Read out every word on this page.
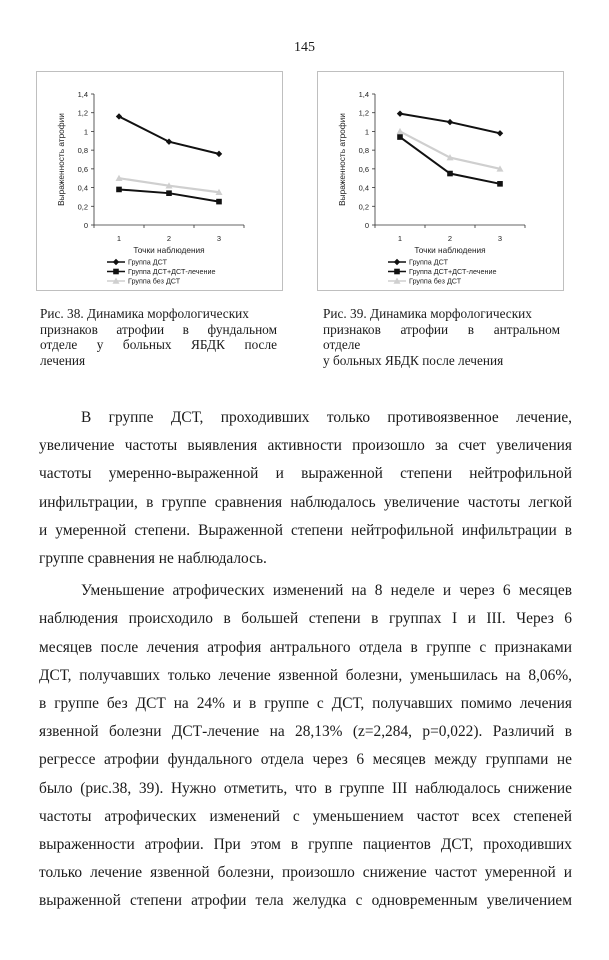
145
Выраженность атрофии
0
0,2
0,4
0,6
0,8
1
1,2
1,4
1	2	3
Точки наблюдения
Группа ДСТ
Группа ДСТ+ДСТ-лечение
Группа без ДСТ
Выраженность атрофии
0
0,2
0,4
0,6
0,8
1
1,2
1,4
1	2	3
Точки наблюдения
Группа ДСТ
Группа ДСТ+ДСТ-лечение
Группа без ДСТ
Рис. 38. Динамика морфологических
признаков атрофии в фундальном
отделе у больных ЯБДК после
лечения
Рис. 39. Динамика морфологических
признаков атрофии в антральном
отделе
у больных ЯБДК после лечения
В группе ДСТ, проходивших только противоязвенное лечение,
увеличение частоты выявления активности произошло за счет увеличения
частоты умеренно-выраженной и выраженной степени нейтрофильной
инфильтрации, в группе сравнения наблюдалось увеличение частоты легкой
и умеренной степени. Выраженной степени нейтрофильной инфильтрации в
группе сравнения не наблюдалось.
Уменьшение атрофических изменений на 8 неделе и через 6 месяцев
наблюдения происходило в большей степени в группах I и III. Через 6
месяцев после лечения атрофия антрального отдела в группе с признаками
ДСТ, получавших только лечение язвенной болезни, уменьшилась на 8,06%,
в группе без ДСТ на 24% и в группе с ДСТ, получавших помимо лечения
язвенной болезни ДСТ-лечение на 28,13% (z=2,284, p=0,022). Различий в
регрессе атрофии фундального отдела через 6 месяцев между группами не
было (рис.38, 39). Нужно отметить, что в группе III наблюдалось снижение
частоты атрофических изменений с уменьшением частот всех степеней
выраженности атрофии. При этом в группе пациентов ДСТ, проходивших
только лечение язвенной болезни, произошло снижение частот умеренной и
выраженной степени атрофии тела желудка с одновременным увеличением
